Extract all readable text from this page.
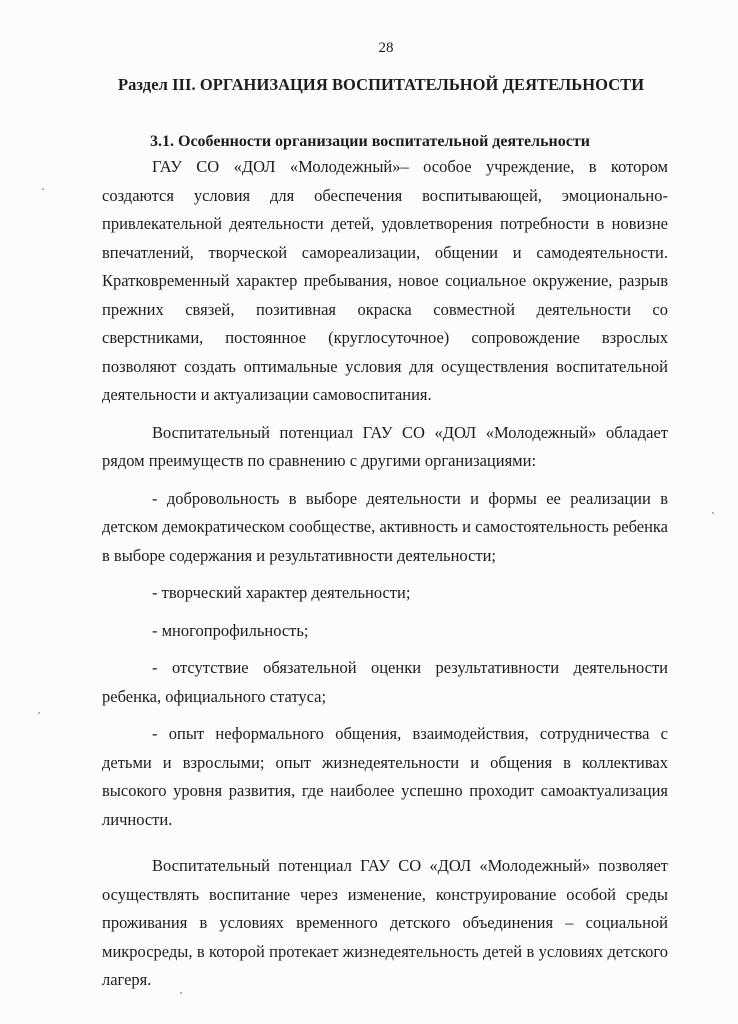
28
Раздел III. ОРГАНИЗАЦИЯ ВОСПИТАТЕЛЬНОЙ ДЕЯТЕЛЬНОСТИ
3.1. Особенности организации воспитательной деятельности

ГАУ СО «ДОЛ «Молодежный»– особое учреждение, в котором создаются условия для обеспечения воспитывающей, эмоционально-привлекательной деятельности детей, удовлетворения потребности в новизне впечатлений, творческой самореализации, общении и самодеятельности. Кратковременный характер пребывания, новое социальное окружение, разрыв прежних связей, позитивная окраска совместной деятельности со сверстниками, постоянное (круглосуточное) сопровождение взрослых позволяют создать оптимальные условия для осуществления воспитательной деятельности и актуализации самовоспитания.

Воспитательный потенциал ГАУ СО «ДОЛ «Молодежный» обладает рядом преимуществ по сравнению с другими организациями:

- добровольность в выборе деятельности и формы ее реализации в детском демократическом сообществе, активность и самостоятельность ребенка в выборе содержания и результативности деятельности;

- творческий характер деятельности;

- многопрофильность;

- отсутствие обязательной оценки результативности деятельности ребенка, официального статуса;

- опыт неформального общения, взаимодействия, сотрудничества с детьми и взрослыми; опыт жизнедеятельности и общения в коллективах высокого уровня развития, где наиболее успешно проходит самоактуализация личности.

Воспитательный потенциал ГАУ СО «ДОЛ «Молодежный» позволяет осуществлять воспитание через изменение, конструирование особой среды проживания в условиях временного детского объединения – социальной микросреды, в которой протекает жизнедеятельность детей в условиях детского лагеря.
